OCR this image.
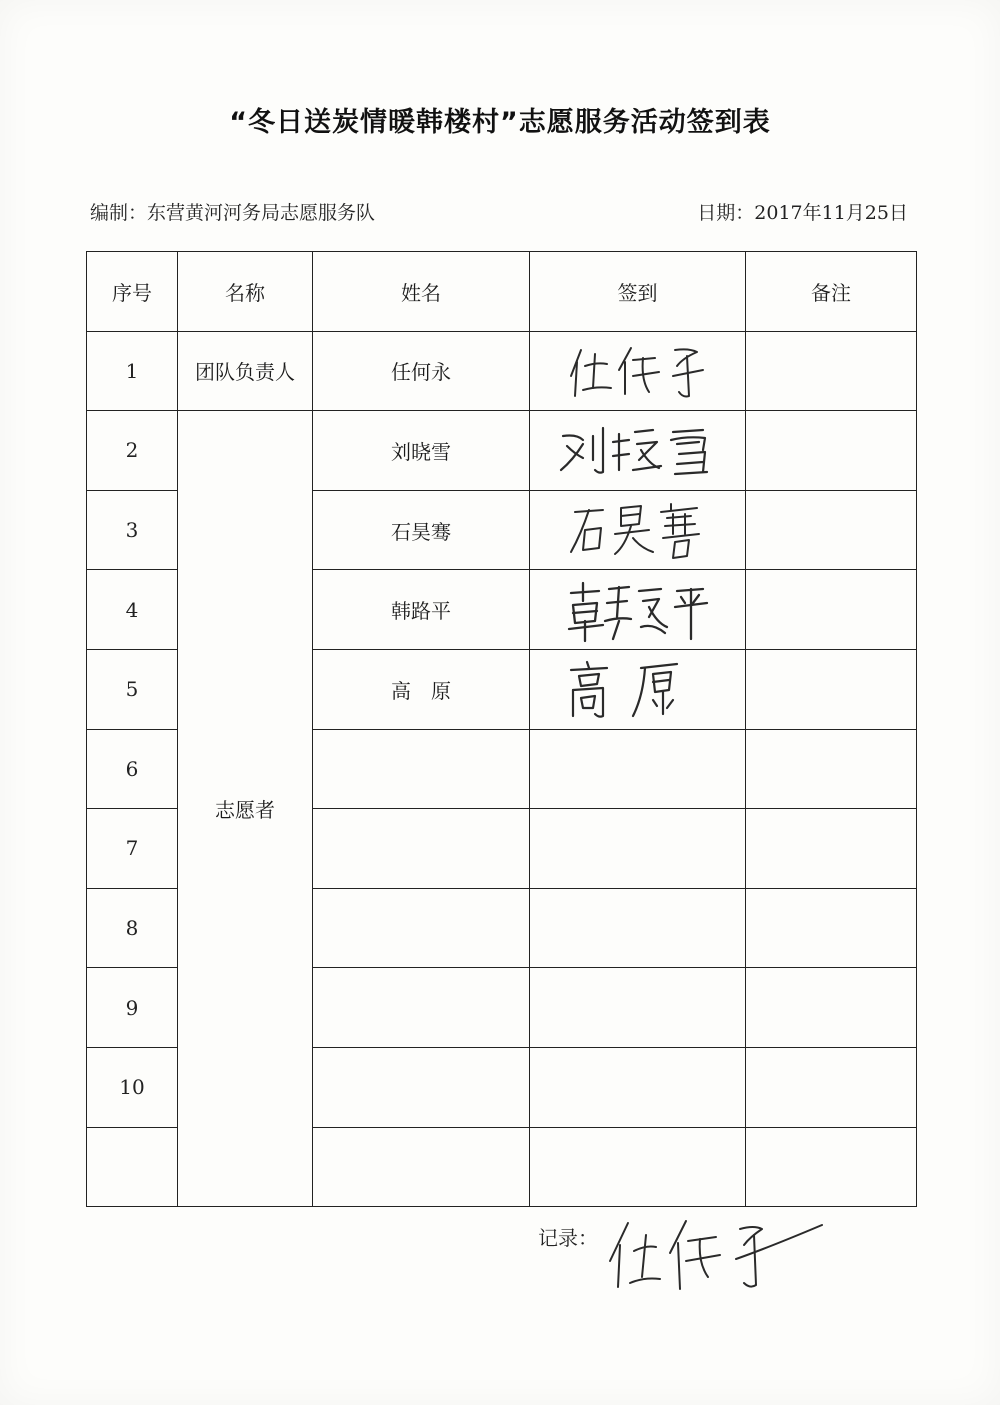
“冬日送炭情暖韩楼村”志愿服务活动签到表
编制：东营黄河河务局志愿服务队	日期：2017年11月25日
序号	名称	姓名	签到	备注
1	团队负责人	任何永	

2	志愿者	刘晓雪	

3		石昊骞	

4		韩路平	

5		高　原	

6				
7				
8				
9				
10				

记录：
